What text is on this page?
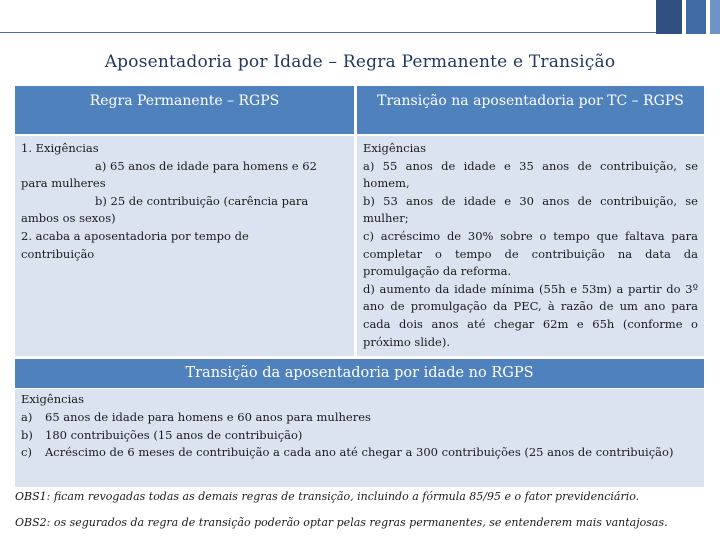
Aposentadoria por Idade – Regra Permanente e Transição
Regra Permanente – RGPS	Transição na aposentadoria por TC – RGPS
1. Exigências
a) 65 anos de idade para homens e 62
para mulheres
b) 25 de contribuição (carência para
ambos os sexos)
2. acaba a aposentadoria por tempo de
contribuição
Exigências
a) 55 anos de idade e 35 anos de contribuição, se homem,
b) 53 anos de idade e 30 anos de contribuição, se mulher;
c) acréscimo de 30% sobre o tempo que faltava para completar o tempo de contribuição na data da promulgação da reforma.
d) aumento da idade mínima (55h e 53m) a partir do 3º ano de promulgação da PEC, à razão de um ano para cada dois anos até chegar 62m e 65h (conforme o próximo slide).
Transição da aposentadoria por idade no RGPS
Exigências
a)	65 anos de idade para homens e 60 anos para mulheres
b)	180 contribuições (15 anos de contribuição)
c)	Acréscimo de 6 meses de contribuição a cada ano até chegar a 300 contribuições (25 anos de contribuição)
OBS1: ficam revogadas todas as demais regras de transição, incluindo a fórmula 85/95 e o fator previdenciário.
OBS2: os segurados da regra de transição poderão optar pelas regras permanentes, se entenderem mais vantajosas.
